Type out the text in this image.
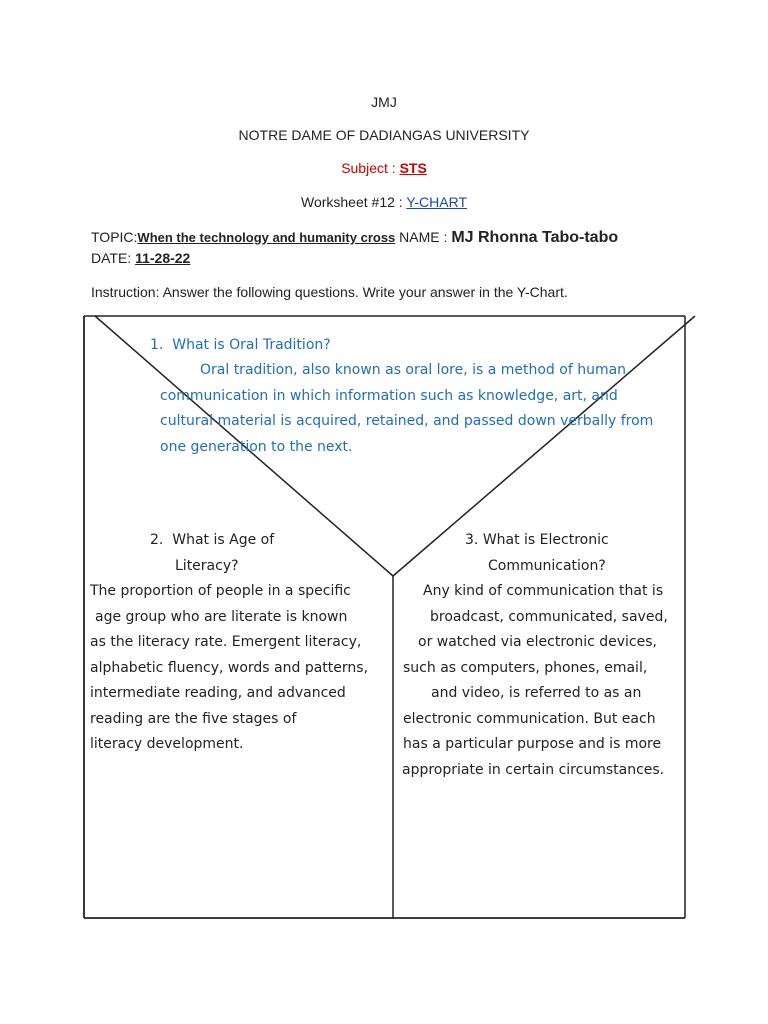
JMJ
NOTRE DAME OF DADIANGAS UNIVERSITY
Subject : STS
Worksheet #12 : Y-CHART
TOPIC:When the technology and humanity cross NAME : MJ Rhonna Tabo-tabo
DATE: 11-28-22
Instruction: Answer the following questions. Write your answer in the Y-Chart.
1. What is Oral Tradition?
Oral tradition, also known as oral lore, is a method of human
communication in which information such as knowledge, art, and
cultural material is acquired, retained, and passed down verbally from
one generation to the next.
2. What is Age of
Literacy?
The proportion of people in a specific
age group who are literate is known
as the literacy rate. Emergent literacy,
alphabetic fluency, words and patterns,
intermediate reading, and advanced
reading are the five stages of
literacy development.
3. What is Electronic
Communication?
Any kind of communication that is
broadcast, communicated, saved,
or watched via electronic devices,
such as computers, phones, email,
and video, is referred to as an
electronic communication. But each
has a particular purpose and is more
appropriate in certain circumstances.
